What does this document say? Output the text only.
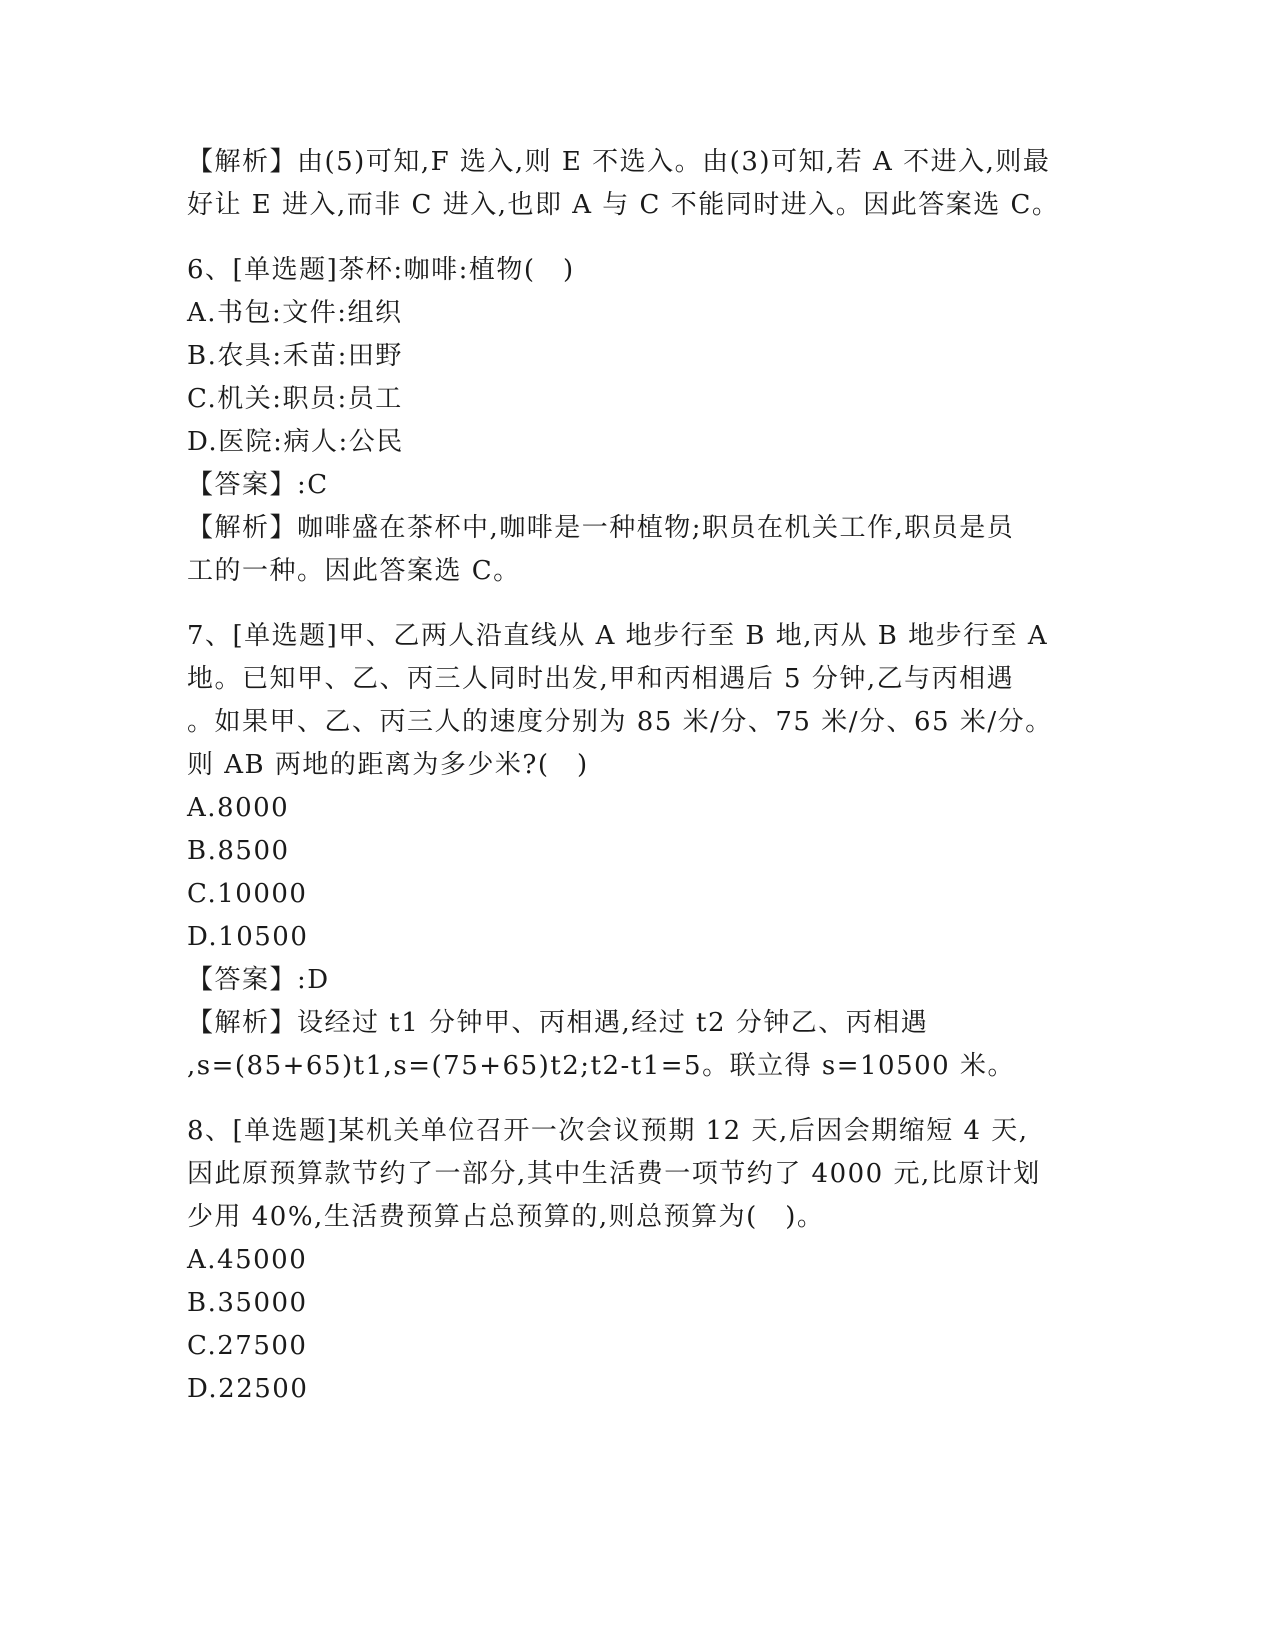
【解析】由(5)可知,F 选入,则 E 不选入。由(3)可知,若 A 不进入,则最
好让 E 进入,而非 C 进入,也即 A 与 C 不能同时进入。因此答案选 C。
6、[单选题]茶杯:咖啡:植物(　)
A.书包:文件:组织
B.农具:禾苗:田野
C.机关:职员:员工
D.医院:病人:公民
【答案】:C
【解析】咖啡盛在茶杯中,咖啡是一种植物;职员在机关工作,职员是员
工的一种。因此答案选 C。
7、[单选题]甲、乙两人沿直线从 A 地步行至 B 地,丙从 B 地步行至 A
地。已知甲、乙、丙三人同时出发,甲和丙相遇后 5 分钟,乙与丙相遇
。如果甲、乙、丙三人的速度分别为 85 米/分、75 米/分、65 米/分。
则 AB 两地的距离为多少米?(　)
A.8000
B.8500
C.10000
D.10500
【答案】:D
【解析】设经过 t1 分钟甲、丙相遇,经过 t2 分钟乙、丙相遇
,s=(85+65)t1,s=(75+65)t2;t2-t1=5。联立得 s=10500 米。
8、[单选题]某机关单位召开一次会议预期 12 天,后因会期缩短 4 天,
因此原预算款节约了一部分,其中生活费一项节约了 4000 元,比原计划
少用 40%,生活费预算占总预算的,则总预算为(　)。
A.45000
B.35000
C.27500
D.22500
